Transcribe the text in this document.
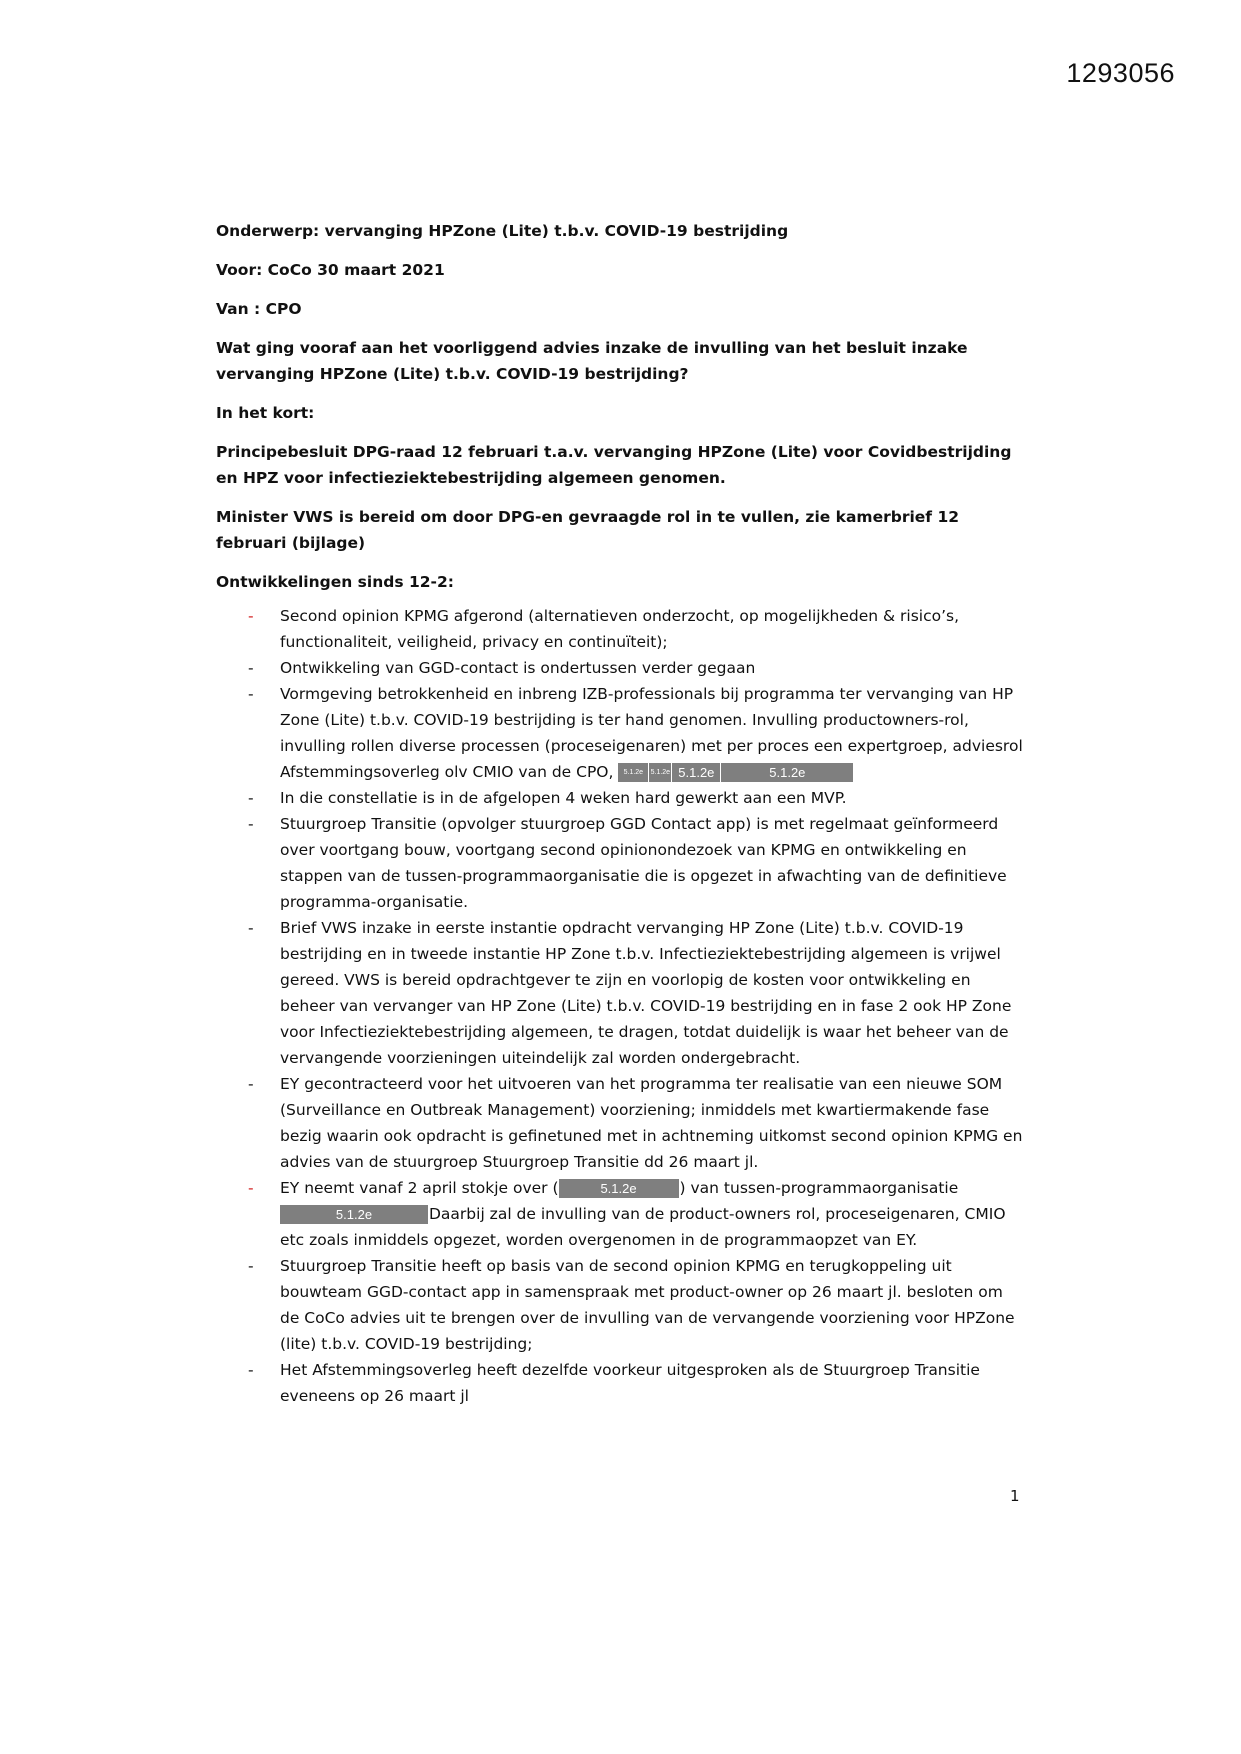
1293056

Onderwerp: vervanging HPZone (Lite) t.b.v. COVID-19 bestrijding

Voor: CoCo 30 maart 2021

Van : CPO

Wat ging vooraf aan het voorliggend advies inzake de invulling van het besluit inzake vervanging HPZone (Lite) t.b.v. COVID-19 bestrijding?

In het kort:

Principebesluit DPG-raad 12 februari t.a.v. vervanging HPZone (Lite) voor Covidbestrijding en HPZ voor infectieziektebestrijding algemeen genomen.

Minister VWS is bereid om door DPG-en gevraagde rol in te vullen, zie kamerbrief 12 februari (bijlage)

Ontwikkelingen sinds 12-2:

- Second opinion KPMG afgerond (alternatieven onderzocht, op mogelijkheden & risico’s, functionaliteit, veiligheid, privacy en continuïteit);
- Ontwikkeling van GGD-contact is ondertussen verder gegaan
- Vormgeving betrokkenheid en inbreng IZB-professionals bij programma ter vervanging van HP Zone (Lite) t.b.v. COVID-19 bestrijding is ter hand genomen. Invulling productowners-rol, invulling rollen diverse processen (proceseigenaren) met per proces een expertgroep, adviesrol Afstemmingsoverleg olv CMIO van de CPO, 5.1.2e 5.1.2e 5.1.2e	5.1.2e
- In die constellatie is in de afgelopen 4 weken hard gewerkt aan een MVP.
- Stuurgroep Transitie (opvolger stuurgroep GGD Contact app) is met regelmaat geïnformeerd over voortgang bouw, voortgang second opinionondezoek van KPMG en ontwikkeling en stappen van de tussen-programmaorganisatie die is opgezet in afwachting van de definitieve programma-organisatie.
- Brief VWS inzake in eerste instantie opdracht vervanging HP Zone (Lite) t.b.v. COVID-19 bestrijding en in tweede instantie HP Zone t.b.v. Infectieziektebestrijding algemeen is vrijwel gereed. VWS is bereid opdrachtgever te zijn en voorlopig de kosten voor ontwikkeling en beheer van vervanger van HP Zone (Lite) t.b.v. COVID-19 bestrijding en in fase 2 ook HP Zone voor Infectieziektebestrijding algemeen, te dragen, totdat duidelijk is waar het beheer van de vervangende voorzieningen uiteindelijk zal worden ondergebracht.
- EY gecontracteerd voor het uitvoeren van het programma ter realisatie van een nieuwe SOM (Surveillance en Outbreak Management) voorziening; inmiddels met kwartiermakende fase bezig waarin ook opdracht is gefinetuned met in achtneming uitkomst second opinion KPMG en advies van de stuurgroep Stuurgroep Transitie dd 26 maart jl.
- EY neemt vanaf 2 april stokje over (	5.1.2e	) van tussen-programmaorganisatie
5.1.2e	Daarbij zal de invulling van de product-owners rol, proceseigenaren, CMIO etc zoals inmiddels opgezet, worden overgenomen in de programmaopzet van EY.
- Stuurgroep Transitie heeft op basis van de second opinion KPMG en terugkoppeling uit bouwteam GGD-contact app in samenspraak met product-owner op 26 maart jl. besloten om de CoCo advies uit te brengen over de invulling van de vervangende voorziening voor HPZone (lite) t.b.v. COVID-19 bestrijding;
- Het Afstemmingsoverleg heeft dezelfde voorkeur uitgesproken als de Stuurgroep Transitie eveneens op 26 maart jl
1
